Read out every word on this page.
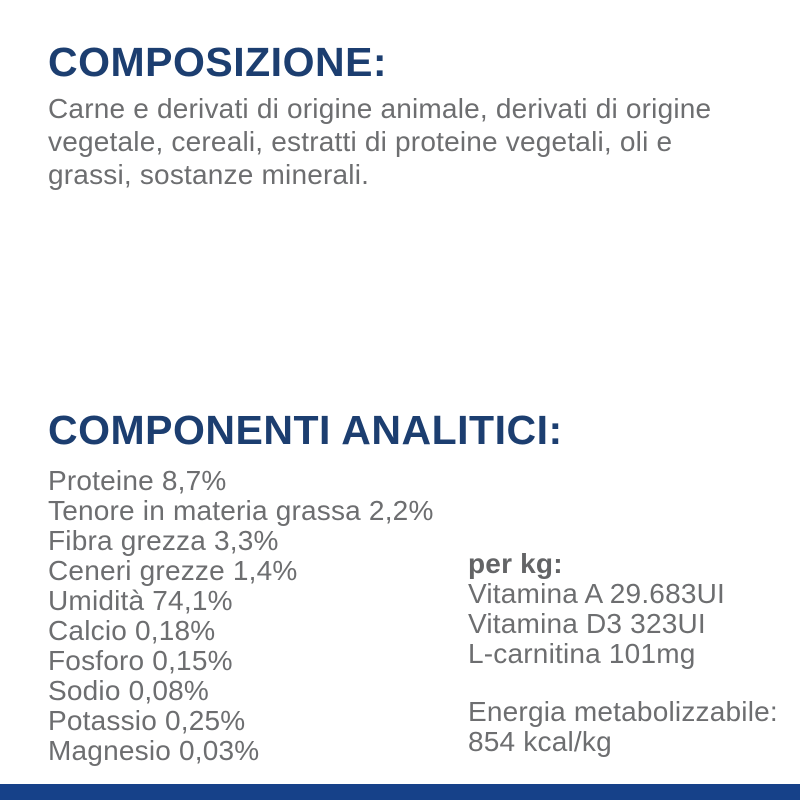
COMPOSIZIONE:

Carne e derivati di origine animale, derivati di origine vegetale, cereali, estratti di proteine vegetali, oli e grassi, sostanze minerali.

COMPONENTI ANALITICI:
Proteine 8,7%
Tenore in materia grassa 2,2%
Fibra grezza 3,3%
Ceneri grezze 1,4%
Umidità 74,1%
Calcio 0,18%
Fosforo 0,15%
Sodio 0,08%
Potassio 0,25%
Magnesio 0,03%
per kg:
Vitamina A 29.683UI
Vitamina D3 323UI
L-carnitina 101mg
Energia metabolizzabile:
854 kcal/kg
